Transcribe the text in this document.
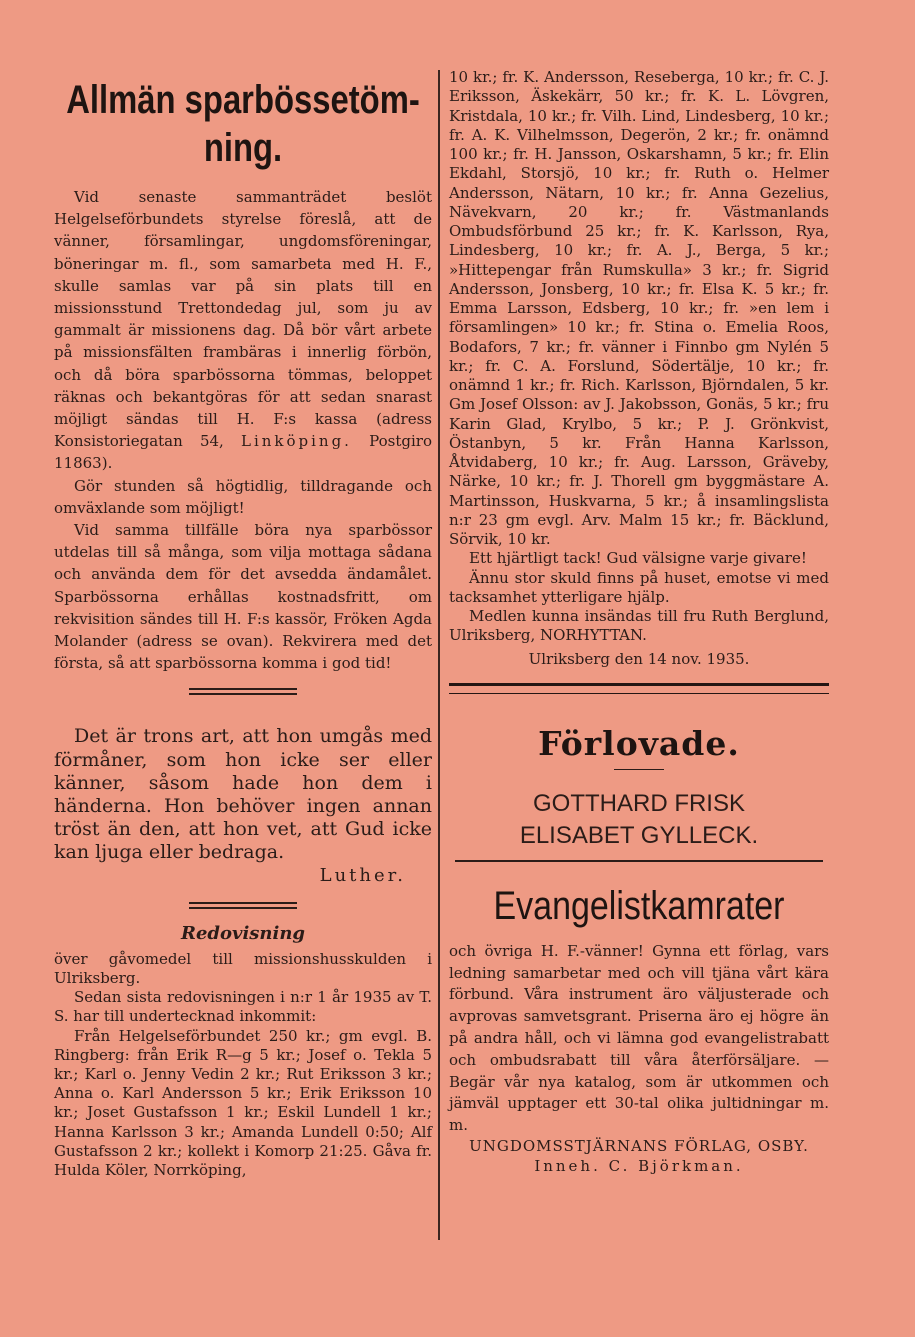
Allmän sparbössetöm-ning.

Vid senaste sammanträdet beslöt Helgelseförbundets styrelse föreslå, att de vänner, församlingar, ungdomsföreningar, böneringar m. fl., som samarbeta med H. F., skulle samlas var på sin plats till en missionsstund Trettondedag jul, som ju av gammalt är missionens dag. Då bör vårt arbete på missionsfälten frambäras i innerlig förbön, och då böra sparbössorna tömmas, beloppet räknas och bekantgöras för att sedan snarast möjligt sändas till H. F:s kassa (adress Konsistoriegatan 54, Linköping. Postgiro 11863).

Gör stunden så högtidlig, tilldragande och omväxlande som möjligt!

Vid samma tillfälle böra nya sparbössor utdelas till så många, som vilja mottaga sådana och använda dem för det avsedda ändamålet. Sparbössorna erhållas kostnadsfritt, om rekvisition sändes till H. F:s kassör, Fröken Agda Molander (adress se ovan). Rekvirera med det första, så att sparbössorna komma i god tid!

Det är trons art, att hon umgås med förmåner, som hon icke ser eller känner, såsom hade hon dem i händerna. Hon behöver ingen annan tröst än den, att hon vet, att Gud icke kan ljuga eller bedraga.

Luther.

Redovisning

över gåvomedel till missionshusskulden i Ulriksberg.

Sedan sista redovisningen i n:r 1 år 1935 av T. S. har till undertecknad inkommit:

Från Helgelseförbundet 250 kr.; gm evgl. B. Ringberg: från Erik R—g 5 kr.; Josef o. Tekla 5 kr.; Karl o. Jenny Vedin 2 kr.; Rut Eriksson 3 kr.; Anna o. Karl Andersson 5 kr.; Erik Eriksson 10 kr.; Joset Gustafsson 1 kr.; Eskil Lundell 1 kr.; Hanna Karlsson 3 kr.; Amanda Lundell 0:50; Alf Gustafsson 2 kr.; kollekt i Komorp 21:25. Gåva fr. Hulda Köler, Norrköping,

10 kr.; fr. K. Andersson, Reseberga, 10 kr.; fr. C. J. Eriksson, Äskekärr, 50 kr.; fr. K. L. Lövgren, Kristdala, 10 kr.; fr. Vilh. Lind, Lindesberg, 10 kr.; fr. A. K. Vilhelmsson, Degerön, 2 kr.; fr. onämnd 100 kr.; fr. H. Jansson, Oskarshamn, 5 kr.; fr. Elin Ekdahl, Storsjö, 10 kr.; fr. Ruth o. Helmer Andersson, Nätarn, 10 kr.; fr. Anna Gezelius, Nävekvarn, 20 kr.; fr. Västmanlands Ombudsförbund 25 kr.; fr. K. Karlsson, Rya, Lindesberg, 10 kr.; fr. A. J., Berga, 5 kr.; »Hittepengar från Rumskulla» 3 kr.; fr. Sigrid Andersson, Jonsberg, 10 kr.; fr. Elsa K. 5 kr.; fr. Emma Larsson, Edsberg, 10 kr.; fr. »en lem i församlingen» 10 kr.; fr. Stina o. Emelia Roos, Bodafors, 7 kr.; fr. vänner i Finnbo gm Nylén 5 kr.; fr. C. A. Forslund, Södertälje, 10 kr.; fr. onämnd 1 kr.; fr. Rich. Karlsson, Björndalen, 5 kr. Gm Josef Olsson: av J. Jakobsson, Gonäs, 5 kr.; fru Karin Glad, Krylbo, 5 kr.; P. J. Grönkvist, Östanbyn, 5 kr. Från Hanna Karlsson, Åtvidaberg, 10 kr.; fr. Aug. Larsson, Gräveby, Närke, 10 kr.; fr. J. Thorell gm byggmästare A. Martinsson, Huskvarna, 5 kr.; å insamlingslista n:r 23 gm evgl. Arv. Malm 15 kr.; fr. Bäcklund, Sörvik, 10 kr.

Ett hjärtligt tack! Gud välsigne varje givare!

Ännu stor skuld finns på huset, emotse vi med tacksamhet ytterligare hjälp.

Medlen kunna insändas till fru Ruth Berglund, Ulriksberg, NORHYTTAN.

Ulriksberg den 14 nov. 1935.

Förlovade.
GOTTHARD FRISK
ELISABET GYLLECK.
Evangelistkamrater

och övriga H. F.-vänner! Gynna ett förlag, vars ledning samarbetar med och vill tjäna vårt kära förbund. Våra instrument äro väljusterade och avprovas samvetsgrant. Priserna äro ej högre än på andra håll, och vi lämna god evangelistrabatt och ombudsrabatt till våra återförsäljare. — Begär vår nya katalog, som är utkommen och jämväl upptager ett 30-tal olika jultidningar m. m.

UNGDOMSSTJÄRNANS FÖRLAG, OSBY.

Inneh. C. Björkman.
